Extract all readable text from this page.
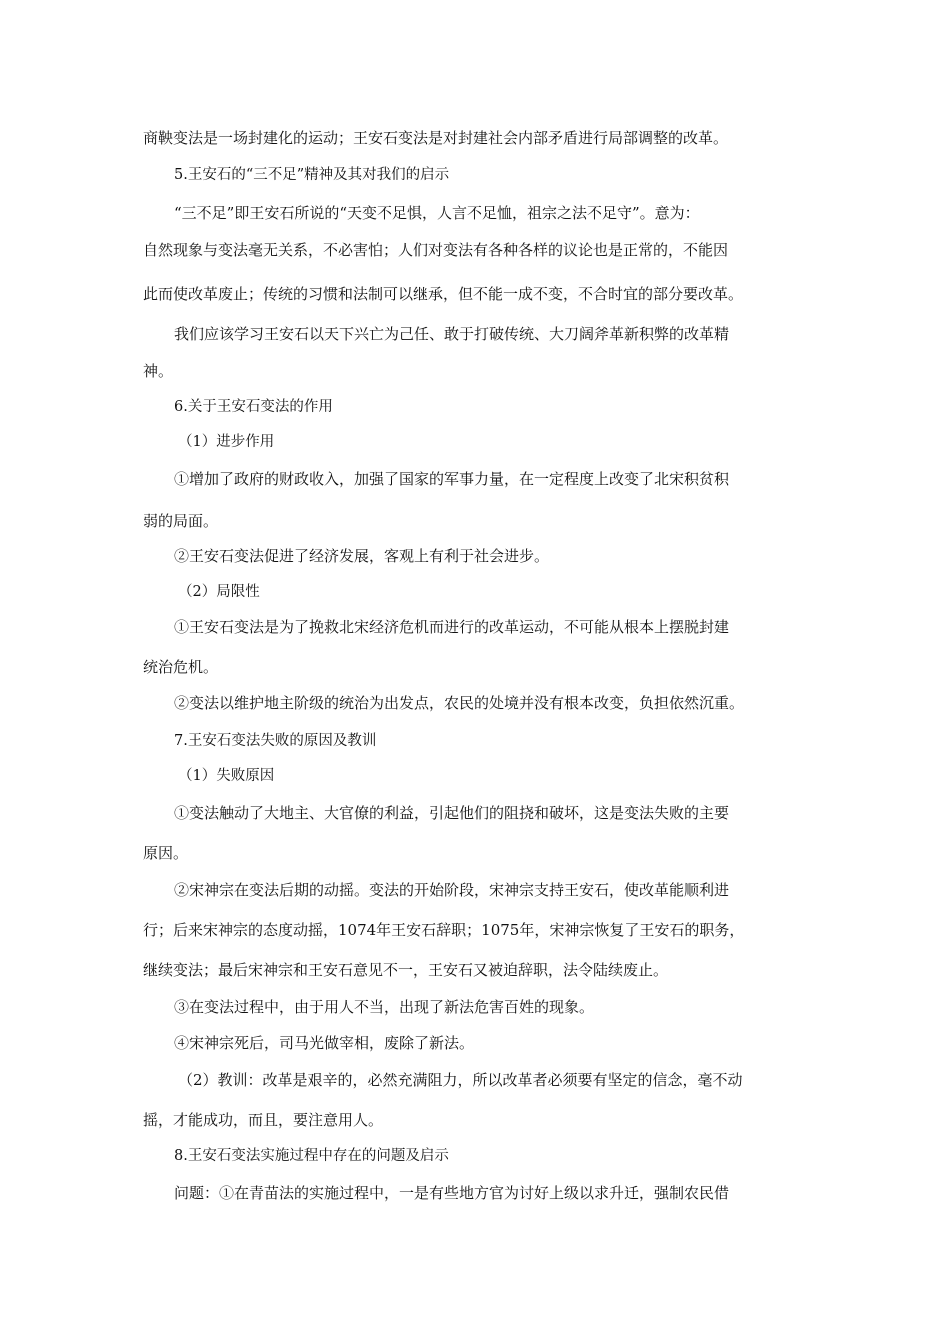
商鞅变法是一场封建化的运动；王安石变法是对封建社会内部矛盾进行局部调整的改革。
5.王安石的“三不足”精神及其对我们的启示
“三不足”即王安石所说的“天变不足惧，人言不足恤，祖宗之法不足守”。意为：
自然现象与变法毫无关系，不必害怕；人们对变法有各种各样的议论也是正常的，不能因
此而使改革废止；传统的习惯和法制可以继承，但不能一成不变，不合时宜的部分要改革。
我们应该学习王安石以天下兴亡为己任、敢于打破传统、大刀阔斧革新积弊的改革精
神。
6.关于王安石变法的作用
（1）进步作用
①增加了政府的财政收入，加强了国家的军事力量，在一定程度上改变了北宋积贫积
弱的局面。
②王安石变法促进了经济发展，客观上有利于社会进步。
（2）局限性
①王安石变法是为了挽救北宋经济危机而进行的改革运动，不可能从根本上摆脱封建
统治危机。
②变法以维护地主阶级的统治为出发点，农民的处境并没有根本改变，负担依然沉重。
7.王安石变法失败的原因及教训
（1）失败原因
①变法触动了大地主、大官僚的利益，引起他们的阻挠和破坏，这是变法失败的主要
原因。
②宋神宗在变法后期的动摇。变法的开始阶段，宋神宗支持王安石，使改革能顺利进
行；后来宋神宗的态度动摇，1074年王安石辞职；1075年，宋神宗恢复了王安石的职务，
继续变法；最后宋神宗和王安石意见不一，王安石又被迫辞职，法令陆续废止。
③在变法过程中，由于用人不当，出现了新法危害百姓的现象。
④宋神宗死后，司马光做宰相，废除了新法。
（2）教训：改革是艰辛的，必然充满阻力，所以改革者必须要有坚定的信念，毫不动
摇，才能成功，而且，要注意用人。
8.王安石变法实施过程中存在的问题及启示
问题：①在青苗法的实施过程中，一是有些地方官为讨好上级以求升迁，强制农民借
